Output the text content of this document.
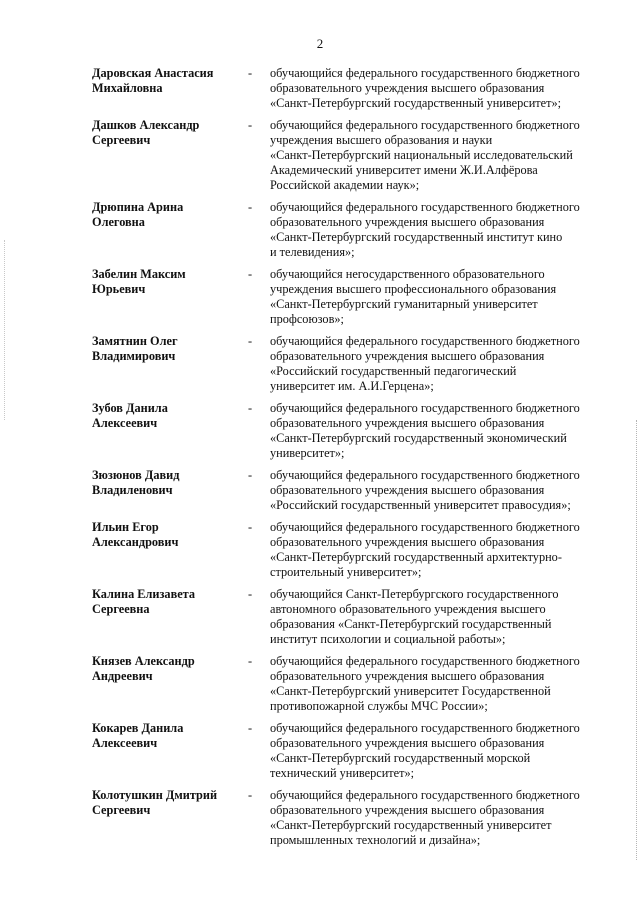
2
Даровская Анастасия
Михайловна
- обучающийся федерального государственного бюджетного
образовательного учреждения высшего образования
«Санкт-Петербургский государственный университет»;
Дашков Александр
Сергеевич
- обучающийся федерального государственного бюджетного
учреждения высшего образования и науки
«Санкт-Петербургский национальный исследовательский
Академический университет имени Ж.И.Алфёрова
Российской академии наук»;
Дрюпина Арина
Олеговна
- обучающийся федерального государственного бюджетного
образовательного учреждения высшего образования
«Санкт-Петербургский государственный институт кино
и телевидения»;
Забелин Максим
Юрьевич
- обучающийся негосударственного образовательного
учреждения высшего профессионального образования
«Санкт-Петербургский гуманитарный университет
профсоюзов»;
Замятнин Олег
Владимирович
- обучающийся федерального государственного бюджетного
образовательного учреждения высшего образования
«Российский государственный педагогический
университет им. А.И.Герцена»;
Зубов Данила
Алексеевич
- обучающийся федерального государственного бюджетного
образовательного учреждения высшего образования
«Санкт-Петербургский государственный экономический
университет»;
Зюзюнов Давид
Владиленович
- обучающийся федерального государственного бюджетного
образовательного учреждения высшего образования
«Российский государственный университет правосудия»;
Ильин Егор
Александрович
- обучающийся федерального государственного бюджетного
образовательного учреждения высшего образования
«Санкт-Петербургский государственный архитектурно-
строительный университет»;
Калина Елизавета
Сергеевна
- обучающийся Санкт-Петербургского государственного
автономного образовательного учреждения высшего
образования «Санкт-Петербургский государственный
институт психологии и социальной работы»;
Князев Александр
Андреевич
- обучающийся федерального государственного бюджетного
образовательного учреждения высшего образования
«Санкт-Петербургский университет Государственной
противопожарной службы МЧС России»;
Кокарев Данила
Алексеевич
- обучающийся федерального государственного бюджетного
образовательного учреждения высшего образования
«Санкт-Петербургский государственный морской
технический университет»;
Колотушкин Дмитрий
Сергеевич
- обучающийся федерального государственного бюджетного
образовательного учреждения высшего образования
«Санкт-Петербургский государственный университет
промышленных технологий и дизайна»;
